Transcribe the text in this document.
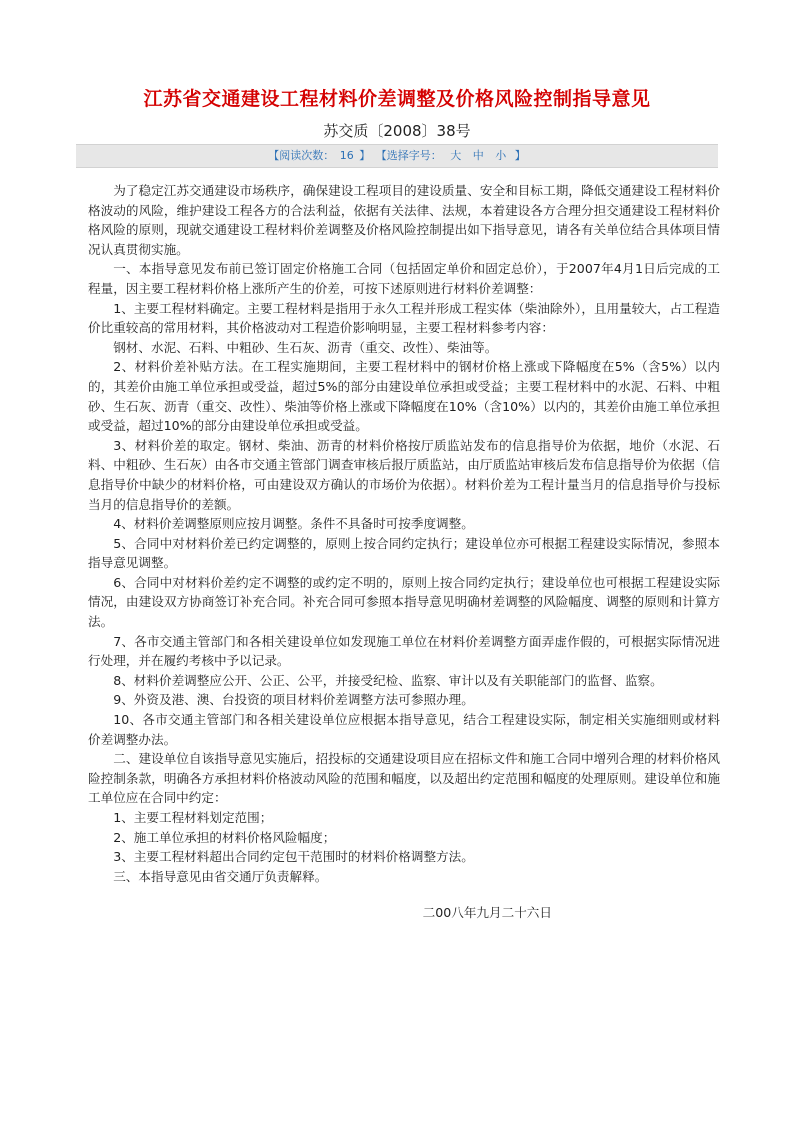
江苏省交通建设工程材料价差调整及价格风险控制指导意见
苏交质〔2008〕38号
【阅读次数： 16 】 【选择字号： 大 中 小 】

为了稳定江苏交通建设市场秩序，确保建设工程项目的建设质量、安全和目标工期，降低交通建设工程材料价格波动的风险，维护建设工程各方的合法利益，依据有关法律、法规，本着建设各方合理分担交通建设工程材料价格风险的原则，现就交通建设工程材料价差调整及价格风险控制提出如下指导意见，请各有关单位结合具体项目情况认真贯彻实施。

一、本指导意见发布前已签订固定价格施工合同（包括固定单价和固定总价），于2007年4月1日后完成的工程量，因主要工程材料价格上涨所产生的价差，可按下述原则进行材料价差调整：

1、主要工程材料确定。主要工程材料是指用于永久工程并形成工程实体（柴油除外），且用量较大，占工程造价比重较高的常用材料，其价格波动对工程造价影响明显，主要工程材料参考内容：

钢材、水泥、石料、中粗砂、生石灰、沥青（重交、改性）、柴油等。

2、材料价差补贴方法。在工程实施期间，主要工程材料中的钢材价格上涨或下降幅度在5%（含5%）以内的，其差价由施工单位承担或受益，超过5%的部分由建设单位承担或受益；主要工程材料中的水泥、石料、中粗砂、生石灰、沥青（重交、改性）、柴油等价格上涨或下降幅度在10%（含10%）以内的，其差价由施工单位承担或受益，超过10%的部分由建设单位承担或受益。

3、材料价差的取定。钢材、柴油、沥青的材料价格按厅质监站发布的信息指导价为依据，地价（水泥、石料、中粗砂、生石灰）由各市交通主管部门调查审核后报厅质监站，由厅质监站审核后发布信息指导价为依据（信息指导价中缺少的材料价格，可由建设双方确认的市场价为依据）。材料价差为工程计量当月的信息指导价与投标当月的信息指导价的差额。

4、材料价差调整原则应按月调整。条件不具备时可按季度调整。

5、合同中对材料价差已约定调整的，原则上按合同约定执行；建设单位亦可根据工程建设实际情况，参照本指导意见调整。

6、合同中对材料价差约定不调整的或约定不明的，原则上按合同约定执行；建设单位也可根据工程建设实际情况，由建设双方协商签订补充合同。补充合同可参照本指导意见明确材差调整的风险幅度、调整的原则和计算方法。

7、各市交通主管部门和各相关建设单位如发现施工单位在材料价差调整方面弄虚作假的，可根据实际情况进行处理，并在履约考核中予以记录。

8、材料价差调整应公开、公正、公平，并接受纪检、监察、审计以及有关职能部门的监督、监察。

9、外资及港、澳、台投资的项目材料价差调整方法可参照办理。

10、各市交通主管部门和各相关建设单位应根据本指导意见，结合工程建设实际，制定相关实施细则或材料价差调整办法。

二、建设单位自该指导意见实施后，招投标的交通建设项目应在招标文件和施工合同中增列合理的材料价格风险控制条款，明确各方承担材料价格波动风险的范围和幅度，以及超出约定范围和幅度的处理原则。建设单位和施工单位应在合同中约定：

1、主要工程材料划定范围；

2、施工单位承担的材料价格风险幅度；

3、主要工程材料超出合同约定包干范围时的材料价格调整方法。

三、本指导意见由省交通厅负责解释。

二00八年九月二十六日
